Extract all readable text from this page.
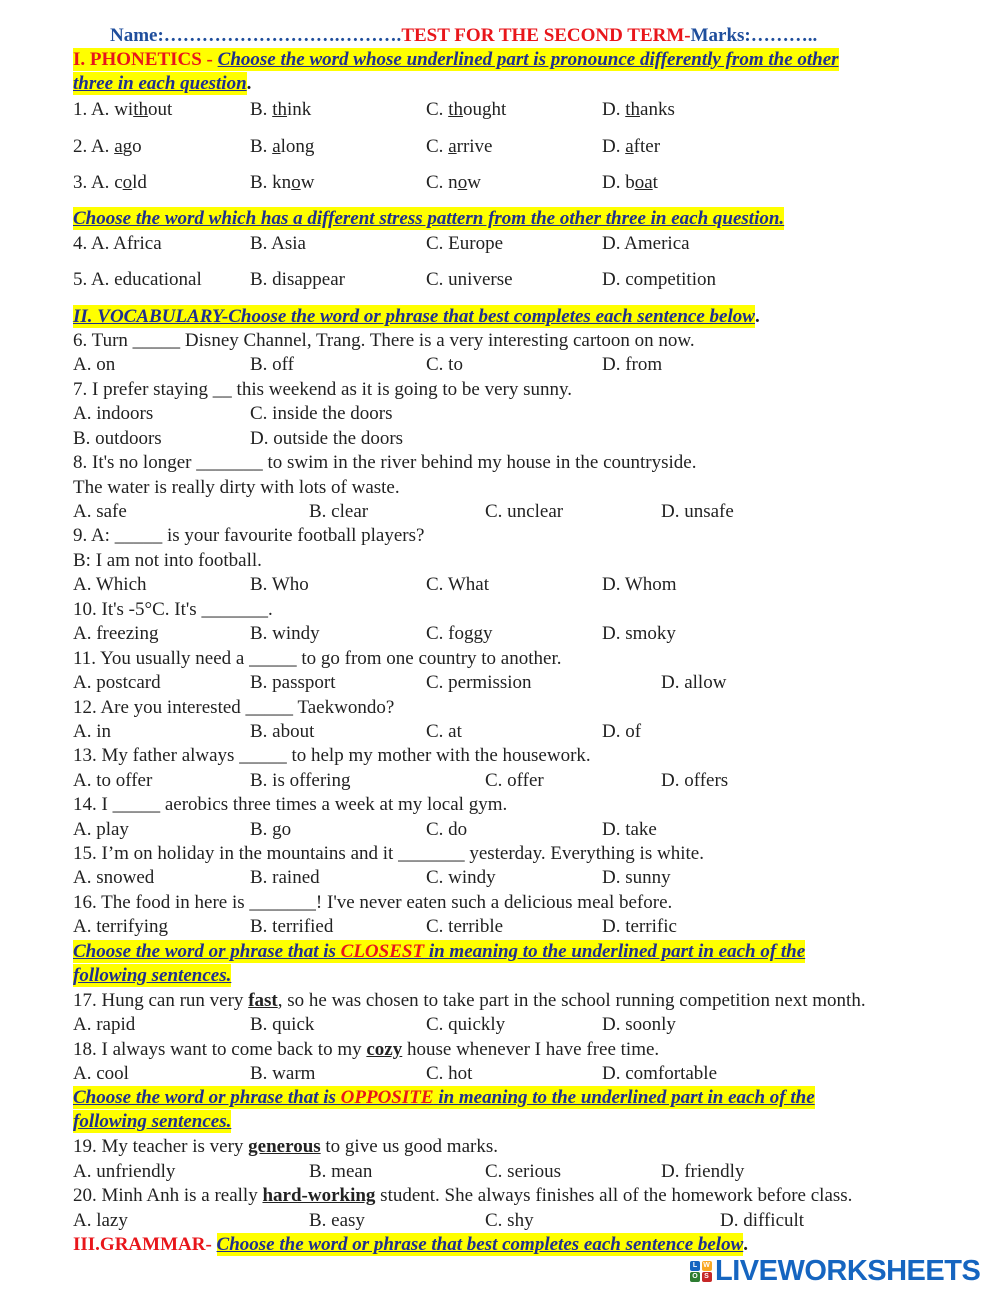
Name:……………………….……….TEST FOR THE SECOND TERM-Marks:………..
I. PHONETICS - Choose the word whose underlined part is pronounce differently from the other
three in each question.
1. A. without	B. think	C. thought	D. thanks
2. A. ago	B. along	C. arrive	D. after
3. A. cold	B. know	C. now	D. boat
Choose the word which has a different stress pattern from the other three in each question.
4. A. Africa	B. Asia	C. Europe	D. America
5. A. educational	B. disappear	C. universe	D. competition
6. Turn _____ Disney Channel, Trang. There is a very interesting cartoon on now.
A. on	B. off	C. to	D. from
7. I prefer staying __ this weekend as it is going to be very sunny.
A. indoors	C. inside the doors
B. outdoors	D. outside the doors
8. It's no longer _______ to swim in the river behind my house in the countryside.
The water is really dirty with lots of waste.
A. safe	B. clear	C. unclear	D. unsafe
9. A: _____ is your favourite football players?
B: I am not into football.
A. Which	B. Who	C. What	D. Whom
10. It's -5°C. It's _______.
A. freezing	B. windy	C. foggy	D. smoky
11. You usually need a _____ to go from one country to another.
A. postcard	B. passport	C. permission	D. allow
12. Are you interested _____ Taekwondo?
A. in	B. about	C. at	D. of
13. My father always _____ to help my mother with the housework.
A. to offer	B. is offering	C. offer	D. offers
14. I _____ aerobics three times a week at my local gym.
A. play	B. go	C. do	D. take
15. I’m on holiday in the mountains and it _______ yesterday. Everything is white.
A. snowed	B. rained	C. windy	D. sunny
16. The food in here is _______! I've never eaten such a delicious meal before.
A. terrifying	B. terrified	C. terrible	D. terrific
17. Hung can run very fast, so he was chosen to take part in the school running competition next month.
A. rapid	B. quick	C. quickly	D. soonly
18. I always want to come back to my cozy house whenever I have free time.
A. cool	B. warm	C. hot	D. comfortable
19. My teacher is very generous to give us good marks.
A. unfriendly	B. mean	C. serious	D. friendly
20. Minh Anh is a really hard-working student. She always finishes all of the homework before class.
A. lazy	B. easy	C. shy	D. difficult
II. VOCABULARY-Choose the word or phrase that best completes each sentence below.
Choose the word or phrase that is CLOSEST in meaning to the underlined part in each of the
following sentences.
Choose the word or phrase that is OPPOSITE in meaning to the underlined part in each of the
following sentences.
III.GRAMMAR- Choose the word or phrase that best completes each sentence below.
L W
O S LIVEWORKSHEETS
